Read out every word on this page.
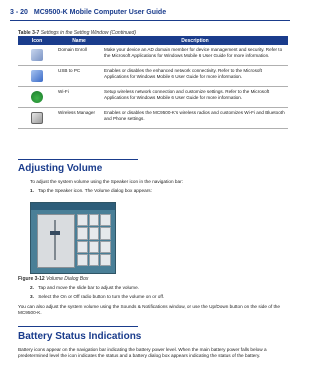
3 - 20 MC9500-K Mobile Computer User Guide
Table 3-7 Settings in the Setting Window (Continued)
Icon	Name	Description
	Domain Enroll	Make your device an AD domain member for device management and security. Refer to the Microsoft Applications for Windows Mobile 6 User Guide for more information.
	USB to PC	Enables or disables the enhanced network connectivity. Refer to the Microsoft Applications for Windows Mobile 6 User Guide for more information.
	Wi-Fi	Setup wireless network connection and customize settings. Refer to the Microsoft Applications for Windows Mobile 6 User Guide for more information.
	Wireless Manager	Enables or disables the MC9500-K's wireless radios and customizes Wi-Fi and Bluetooth and Phone settings.
Adjusting Volume
To adjust the system volume using the Speaker icon in the navigation bar:
1. Tap the Speaker icon. The Volume dialog box appears:
Figure 3-12 Volume Dialog Box
2. Tap and move the slide bar to adjust the volume.
3. Select the On or Off radio button to turn the volume on or off.
You can also adjust the system volume using the Sounds & Notifications window, or use the Up/Down button on the side of the MC9500-K.
Battery Status Indications
Battery icons appear on the navigation bar indicating the battery power level. When the main battery power falls below a predetermined level the icon indicates the status and a battery dialog box appears indicating the status of the battery.
